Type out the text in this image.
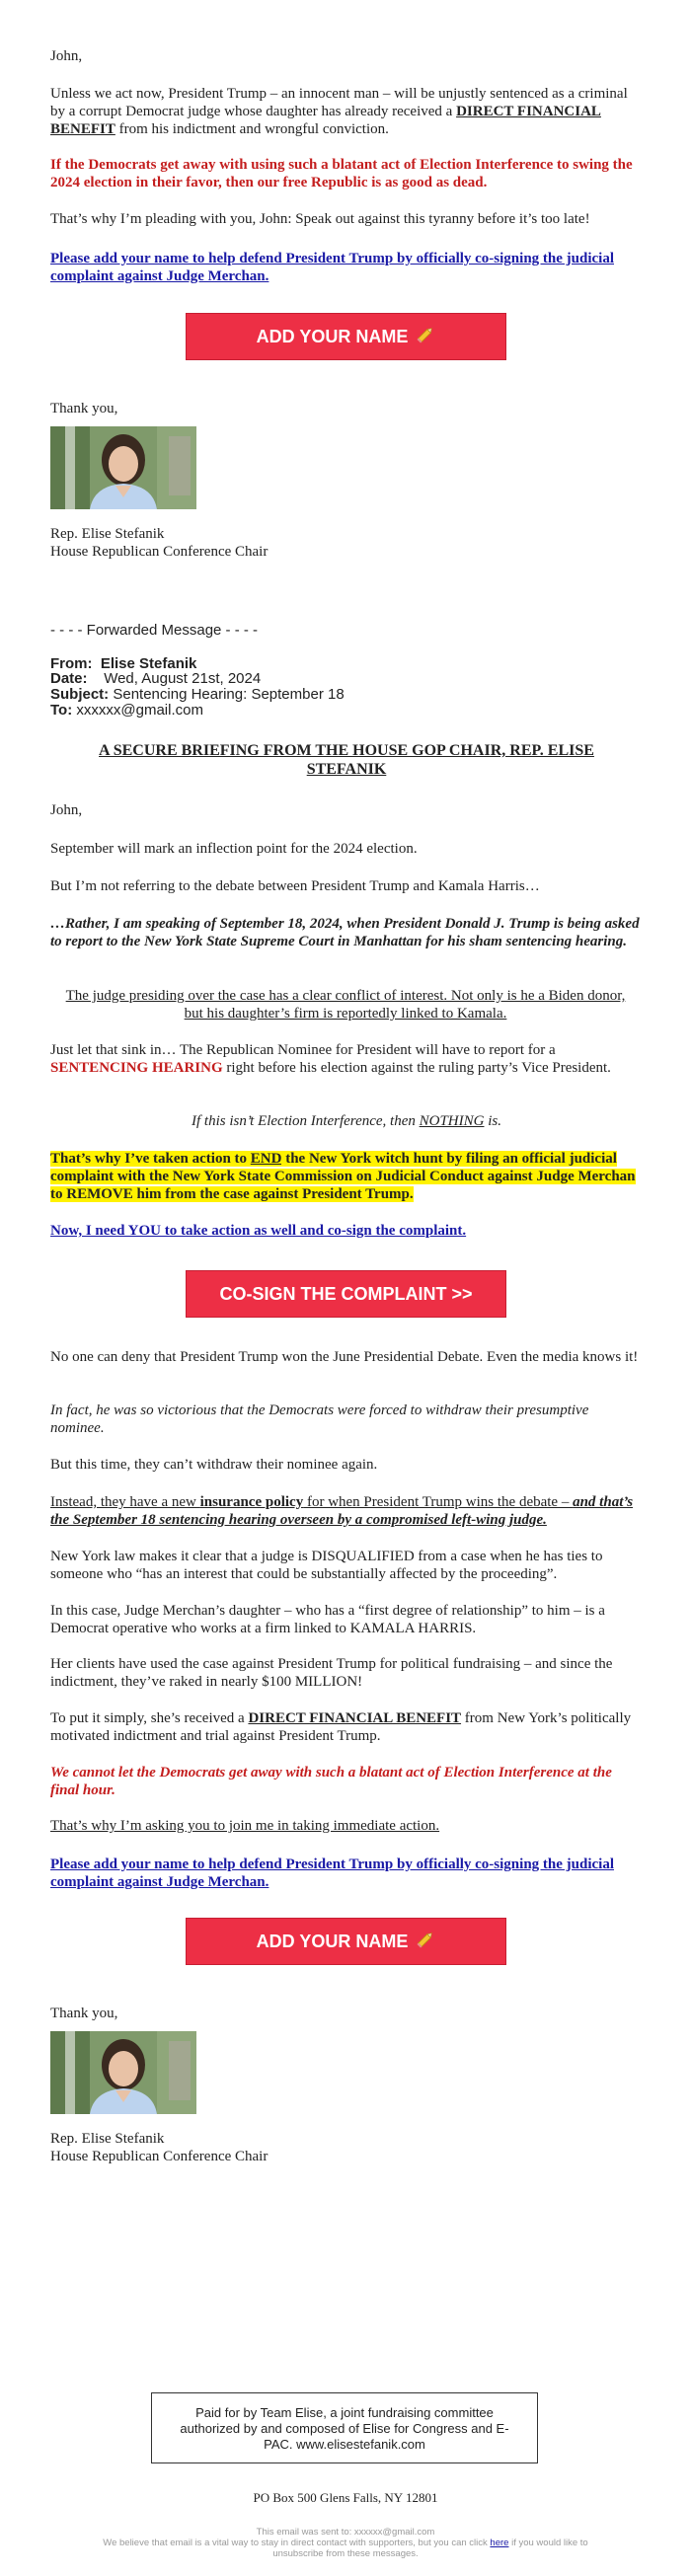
John,

Unless we act now, President Trump – an innocent man – will be unjustly sentenced as a criminal by a corrupt Democrat judge whose daughter has already received a DIRECT FINANCIAL BENEFIT from his indictment and wrongful conviction.

If the Democrats get away with using such a blatant act of Election Interference to swing the 2024 election in their favor, then our free Republic is as good as dead.

That’s why I’m pleading with you, John: Speak out against this tyranny before it’s too late!

Please add your name to help defend President Trump by officially co-signing the judicial complaint against Judge Merchan.

ADD YOUR NAME

Thank you,

Rep. Elise Stefanik

House Republican Conference Chair

- - - - Forwarded Message - - - -

From: Elise Stefanik
Date: Wed, August 21st, 2024
Subject: Sentencing Hearing: September 18
To: xxxxxx@gmail.com

A SECURE BRIEFING FROM THE HOUSE GOP CHAIR, REP. ELISE STEFANIK

John,

September will mark an inflection point for the 2024 election.

But I’m not referring to the debate between President Trump and Kamala Harris…

…Rather, I am speaking of September 18, 2024, when President Donald J. Trump is being asked to report to the New York State Supreme Court in Manhattan for his sham sentencing hearing.

The judge presiding over the case has a clear conflict of interest. Not only is he a Biden donor, but his daughter’s firm is reportedly linked to Kamala.

Just let that sink in… The Republican Nominee for President will have to report for a SENTENCING HEARING right before his election against the ruling party’s Vice President.

If this isn’t Election Interference, then NOTHING is.

That’s why I’ve taken action to END the New York witch hunt by filing an official judicial complaint with the New York State Commission on Judicial Conduct against Judge Merchan to REMOVE him from the case against President Trump.

Now, I need YOU to take action as well and co-sign the complaint.

CO-SIGN THE COMPLAINT >>

No one can deny that President Trump won the June Presidential Debate. Even the media knows it!

In fact, he was so victorious that the Democrats were forced to withdraw their presumptive nominee.

But this time, they can’t withdraw their nominee again.

Instead, they have a new insurance policy for when President Trump wins the debate – and that’s the September 18 sentencing hearing overseen by a compromised left-wing judge.

New York law makes it clear that a judge is DISQUALIFIED from a case when he has ties to someone who “has an interest that could be substantially affected by the proceeding”.

In this case, Judge Merchan’s daughter – who has a “first degree of relationship” to him – is a Democrat operative who works at a firm linked to KAMALA HARRIS.

Her clients have used the case against President Trump for political fundraising – and since the indictment, they’ve raked in nearly $100 MILLION!

To put it simply, she’s received a DIRECT FINANCIAL BENEFIT from New York’s politically motivated indictment and trial against President Trump.

We cannot let the Democrats get away with such a blatant act of Election Interference at the final hour.

That’s why I’m asking you to join me in taking immediate action.

Please add your name to help defend President Trump by officially co-signing the judicial complaint against Judge Merchan.

ADD YOUR NAME

Thank you,

Rep. Elise Stefanik

House Republican Conference Chair

Paid for by Team Elise, a joint fundraising committee authorized by and composed of Elise for Congress and E-PAC. www.elisestefanik.com

PO Box 500 Glens Falls, NY 12801

This email was sent to: xxxxxx@gmail.com
We believe that email is a vital way to stay in direct contact with supporters, but you can click here if you would like to unsubscribe from these messages.
